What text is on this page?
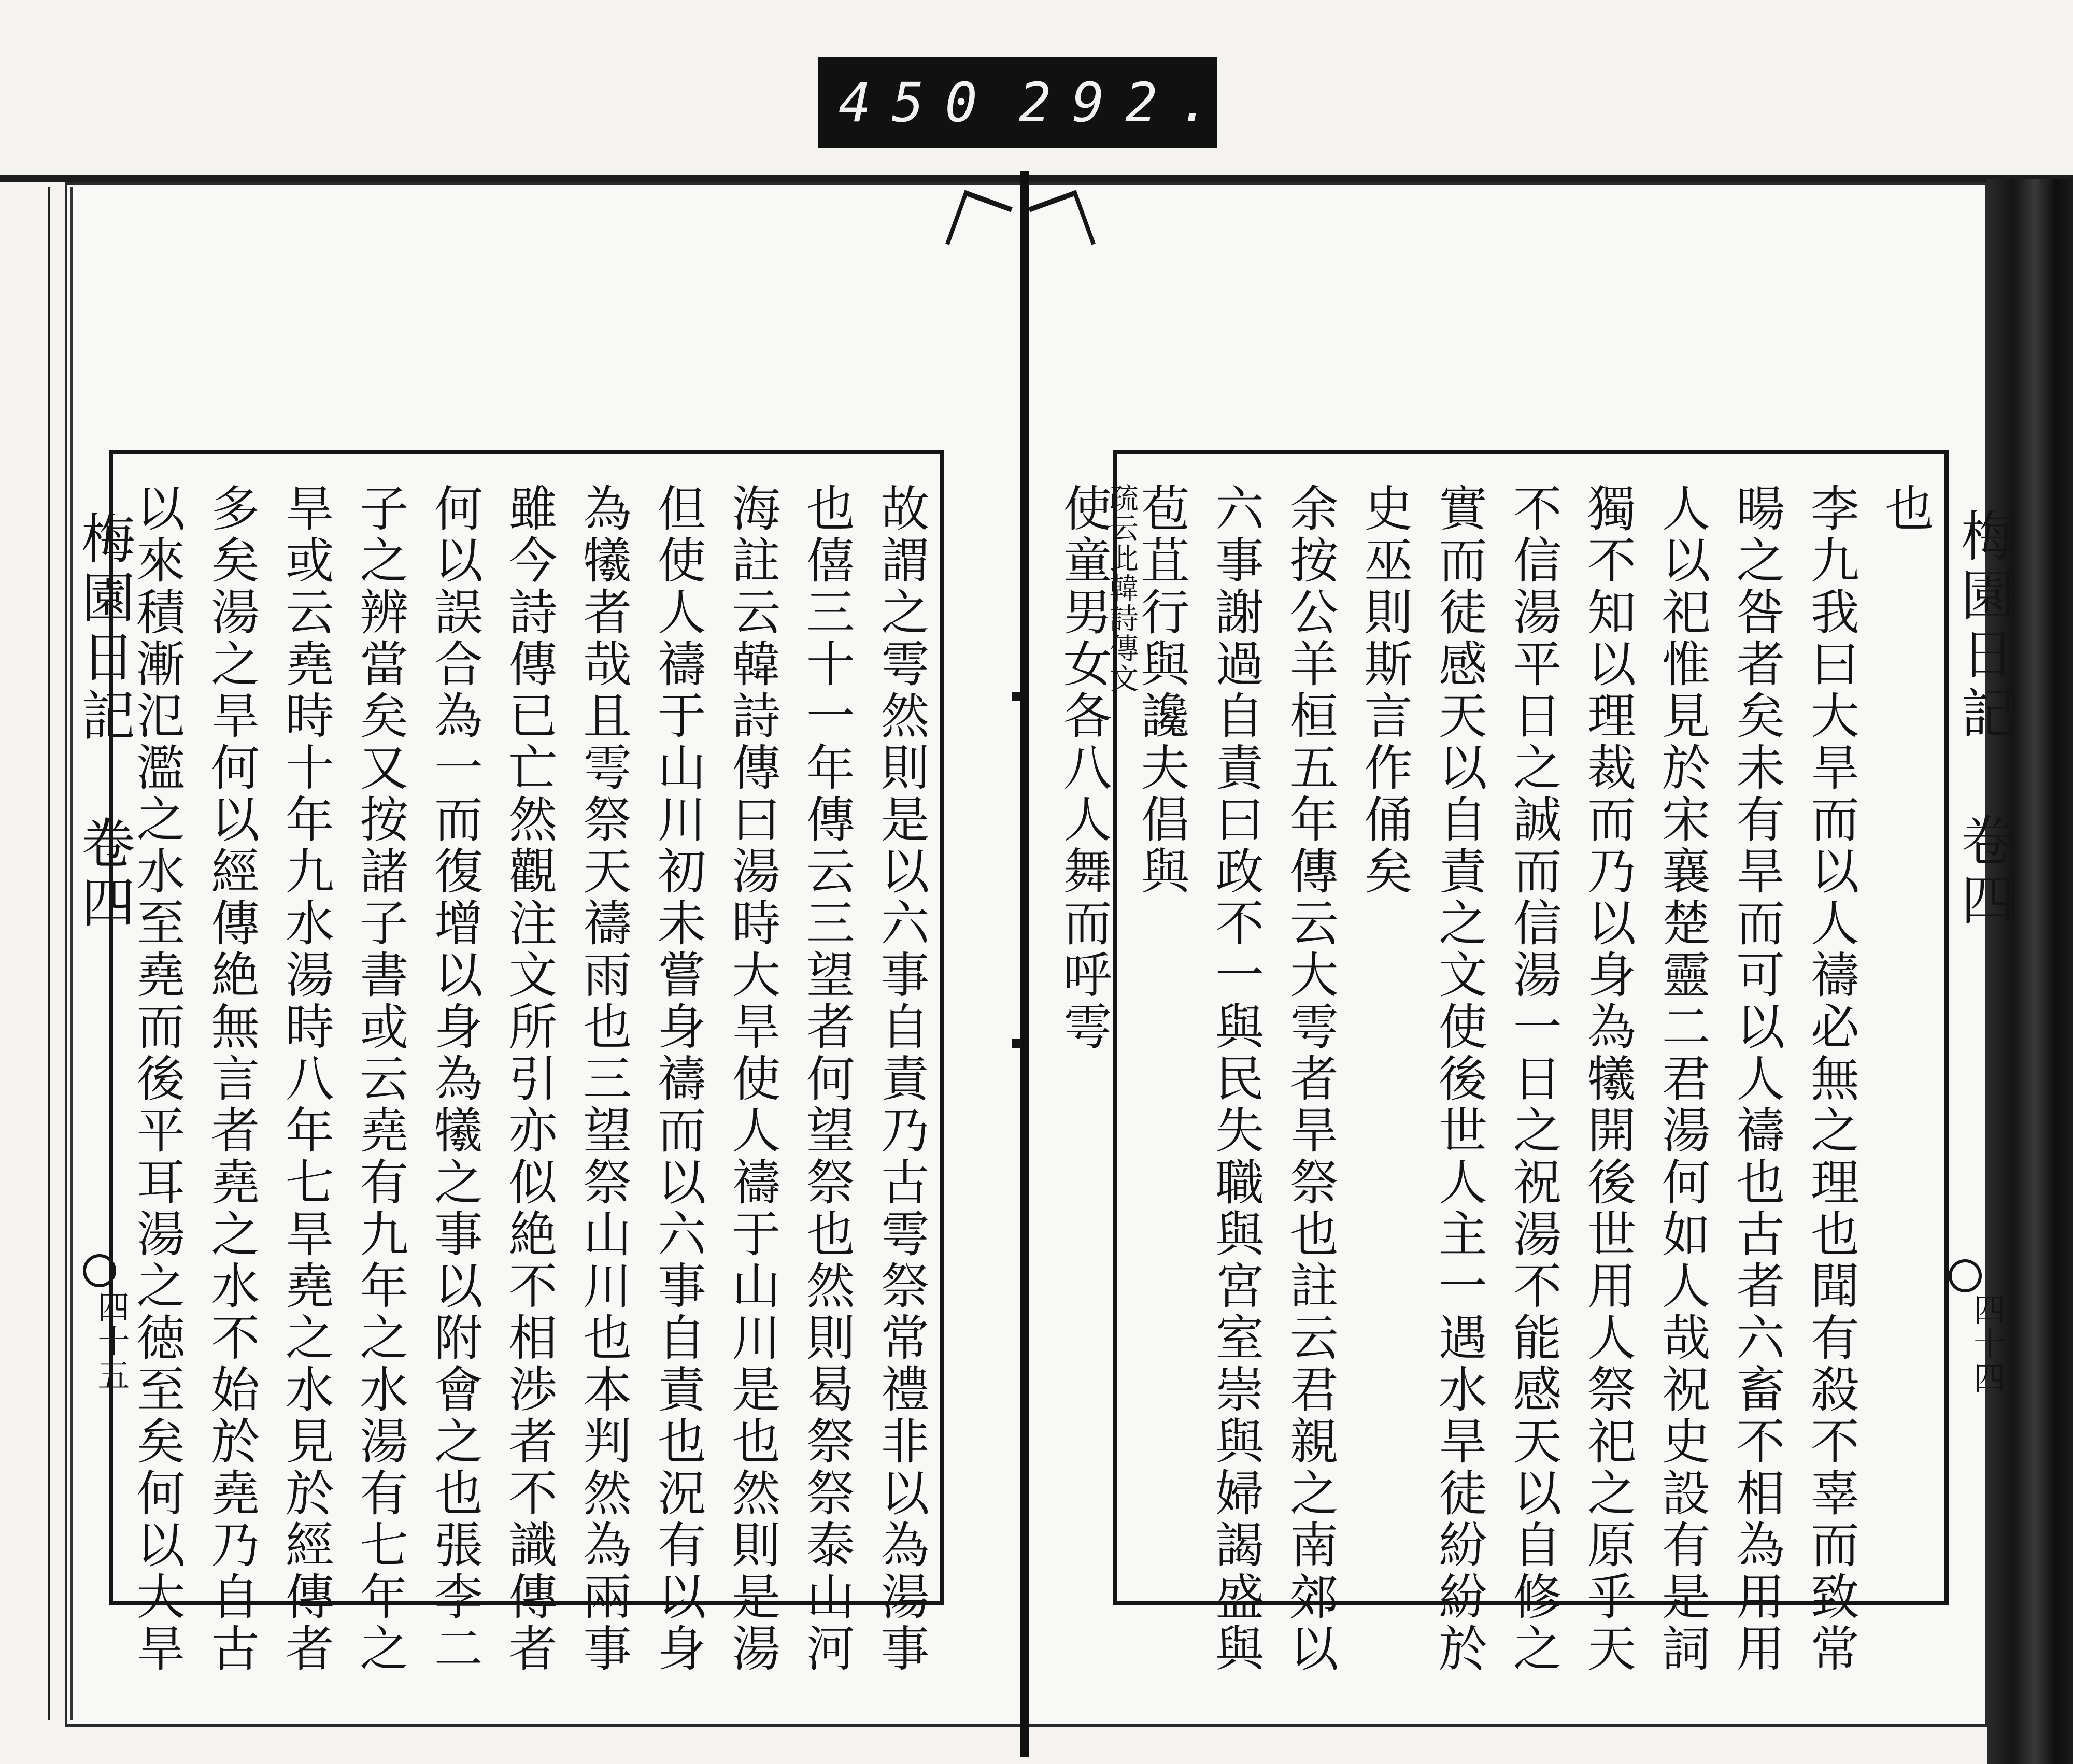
450 292.
梅園日記 卷四
四十五	故謂之雩然則是以六事自責乃古雩祭常禮非以為湯事
也僖三十一年傳云三望者何望祭也然則曷祭祭泰山河
海註云韓詩傳曰湯時大旱使人禱于山川是也然則是湯
但使人禱于山川初未嘗身禱而以六事自責也況有以身
為犧者哉且雩祭天禱雨也三望祭山川也本判然為兩事
雖今詩傳已亡然觀注文所引亦似絶不相渉者不識傳者
何以誤合為一而復增以身為犧之事以附會之也張李二
子之辨當矣又按諸子書或云堯有九年之水湯有七年之
旱或云堯時十年九水湯時八年七旱堯之水見於經傳者
多矣湯之旱何以經傳絶無言者堯之水不始於堯乃自古
以來積漸氾濫之水至堯而後平耳湯之徳至矣何以大旱	梅園日記 卷四
四十四
也
李九我曰大旱而以人禱必無之理也聞有殺不辜而致常
暘之咎者矣未有旱而可以人禱也古者六畜不相為用用
人以祀惟見於宋襄楚靈二君湯何如人哉祝史設有是詞
獨不知以理裁而乃以身為犧開後世用人祭祀之原乎天
不信湯平日之誠而信湯一日之祝湯不能感天以自修之
實而徒感天以自責之文使後世人主一遇水旱徒紛紛於
史巫則斯言作俑矣
余按公羊桓五年傳云大雩者旱祭也註云君親之南郊以
六事謝過自責曰政不一與民失職與宮室崇與婦謁盛與
苞苴行與讒夫倡與
疏云此韓詩傳文
使童男女各八人舞而呼雩
